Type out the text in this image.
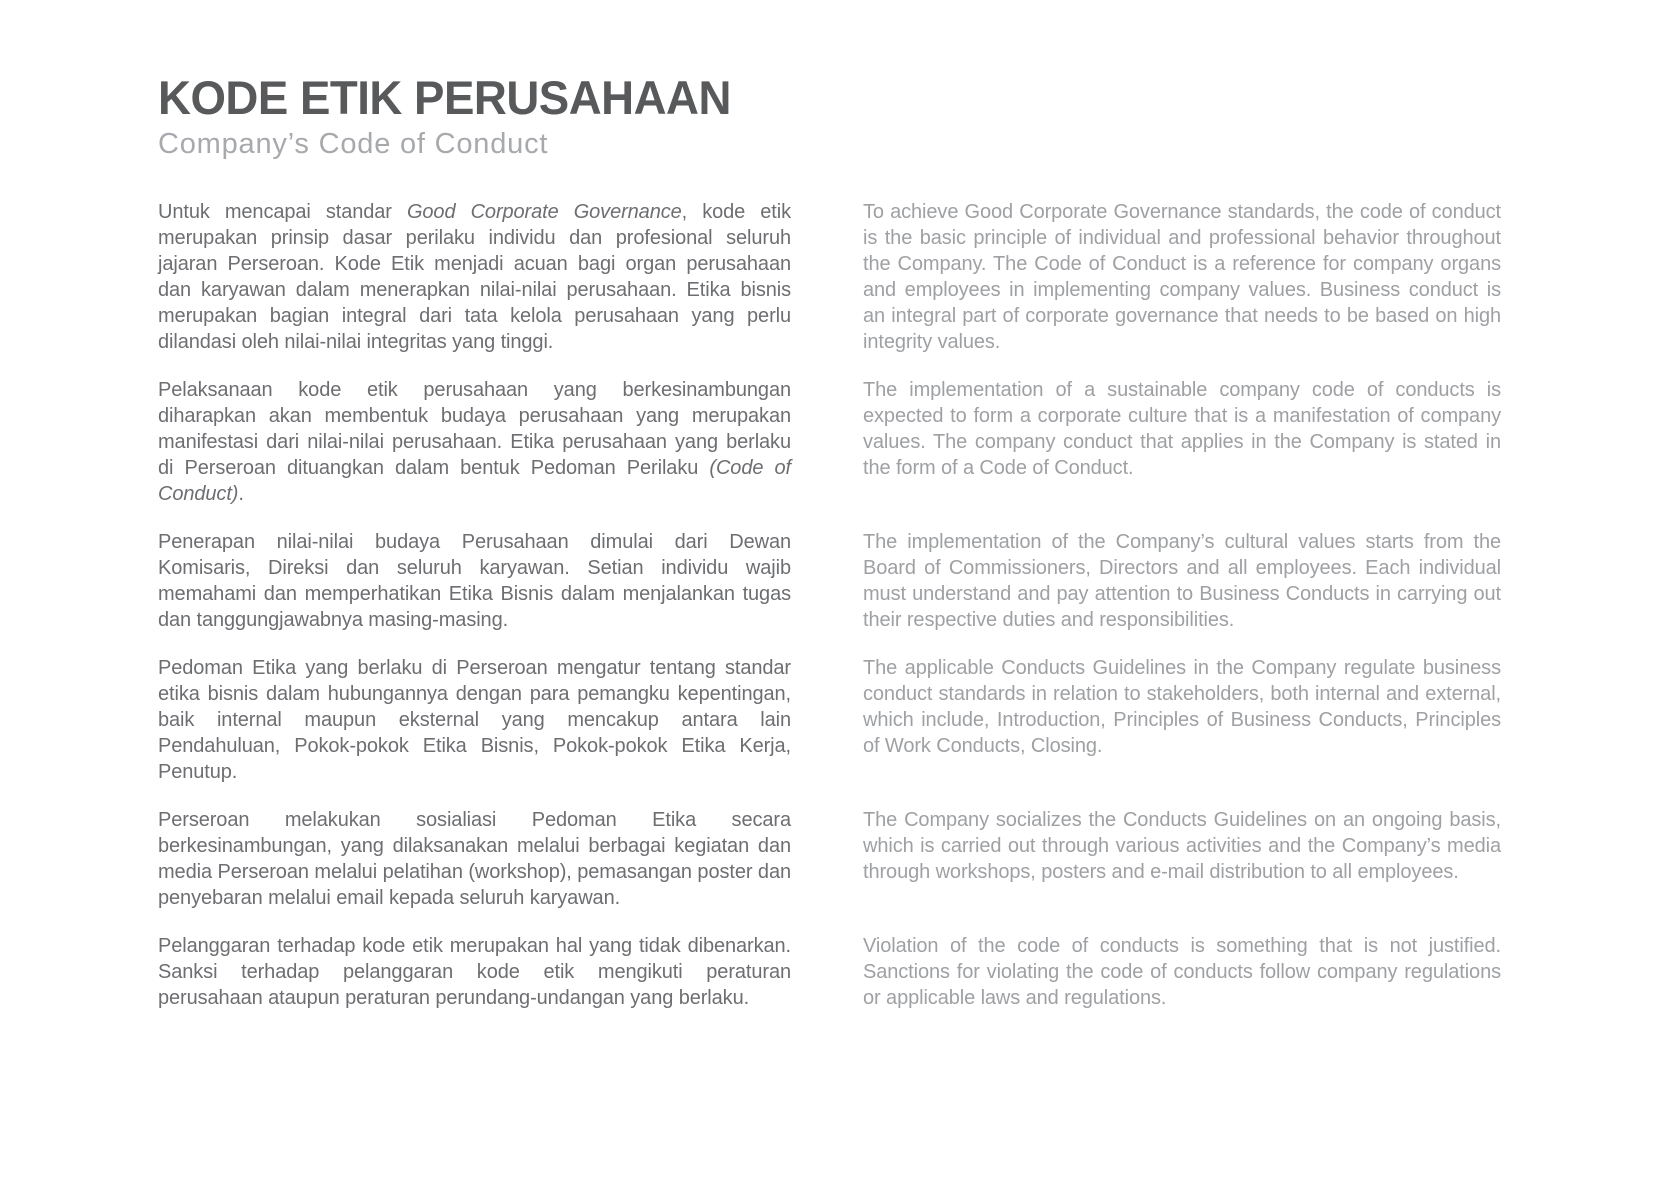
KODE ETIK PERUSAHAAN
Company’s Code of Conduct

Untuk mencapai standar Good Corporate Governance, kode etik merupakan prinsip dasar perilaku individu dan profesional seluruh jajaran Perseroan. Kode Etik menjadi acuan bagi organ perusahaan dan karyawan dalam menerapkan nilai-nilai perusahaan. Etika bisnis merupakan bagian integral dari tata kelola perusahaan yang perlu dilandasi oleh nilai-nilai integritas yang tinggi.

To achieve Good Corporate Governance standards, the code of conduct is the basic principle of individual and professional behavior throughout the Company. The Code of Conduct is a reference for company organs and employees in implementing company values. Business conduct is an integral part of corporate governance that needs to be based on high integrity values.

Pelaksanaan kode etik perusahaan yang berkesinambungan diharapkan akan membentuk budaya perusahaan yang merupakan manifestasi dari nilai-nilai perusahaan. Etika perusahaan yang berlaku di Perseroan dituangkan dalam bentuk Pedoman Perilaku (Code of Conduct).

The implementation of a sustainable company code of conducts is expected to form a corporate culture that is a manifestation of company values. The company conduct that applies in the Company is stated in the form of a Code of Conduct.

Penerapan nilai-nilai budaya Perusahaan dimulai dari Dewan Komisaris, Direksi dan seluruh karyawan. Setian individu wajib memahami dan memperhatikan Etika Bisnis dalam menjalankan tugas dan tanggungjawabnya masing-masing.

The implementation of the Company’s cultural values starts from the Board of Commissioners, Directors and all employees. Each individual must understand and pay attention to Business Conducts in carrying out their respective duties and responsibilities.

Pedoman Etika yang berlaku di Perseroan mengatur tentang standar etika bisnis dalam hubungannya dengan para pemangku kepentingan, baik internal maupun eksternal yang mencakup antara lain Pendahuluan, Pokok-pokok Etika Bisnis, Pokok-pokok Etika Kerja, Penutup.

The applicable Conducts Guidelines in the Company regulate business conduct standards in relation to stakeholders, both internal and external, which include, Introduction, Principles of Business Conducts, Principles of Work Conducts, Closing.

Perseroan melakukan sosialiasi Pedoman Etika secara berkesinambungan, yang dilaksanakan melalui berbagai kegiatan dan media Perseroan melalui pelatihan (workshop), pemasangan poster dan penyebaran melalui email kepada seluruh karyawan.

The Company socializes the Conducts Guidelines on an ongoing basis, which is carried out through various activities and the Company’s media through workshops, posters and e-mail distribution to all employees.

Pelanggaran terhadap kode etik merupakan hal yang tidak dibenarkan. Sanksi terhadap pelanggaran kode etik mengikuti peraturan perusahaan ataupun peraturan perundang-undangan yang berlaku.

Violation of the code of conducts is something that is not justified. Sanctions for violating the code of conducts follow company regulations or applicable laws and regulations.
